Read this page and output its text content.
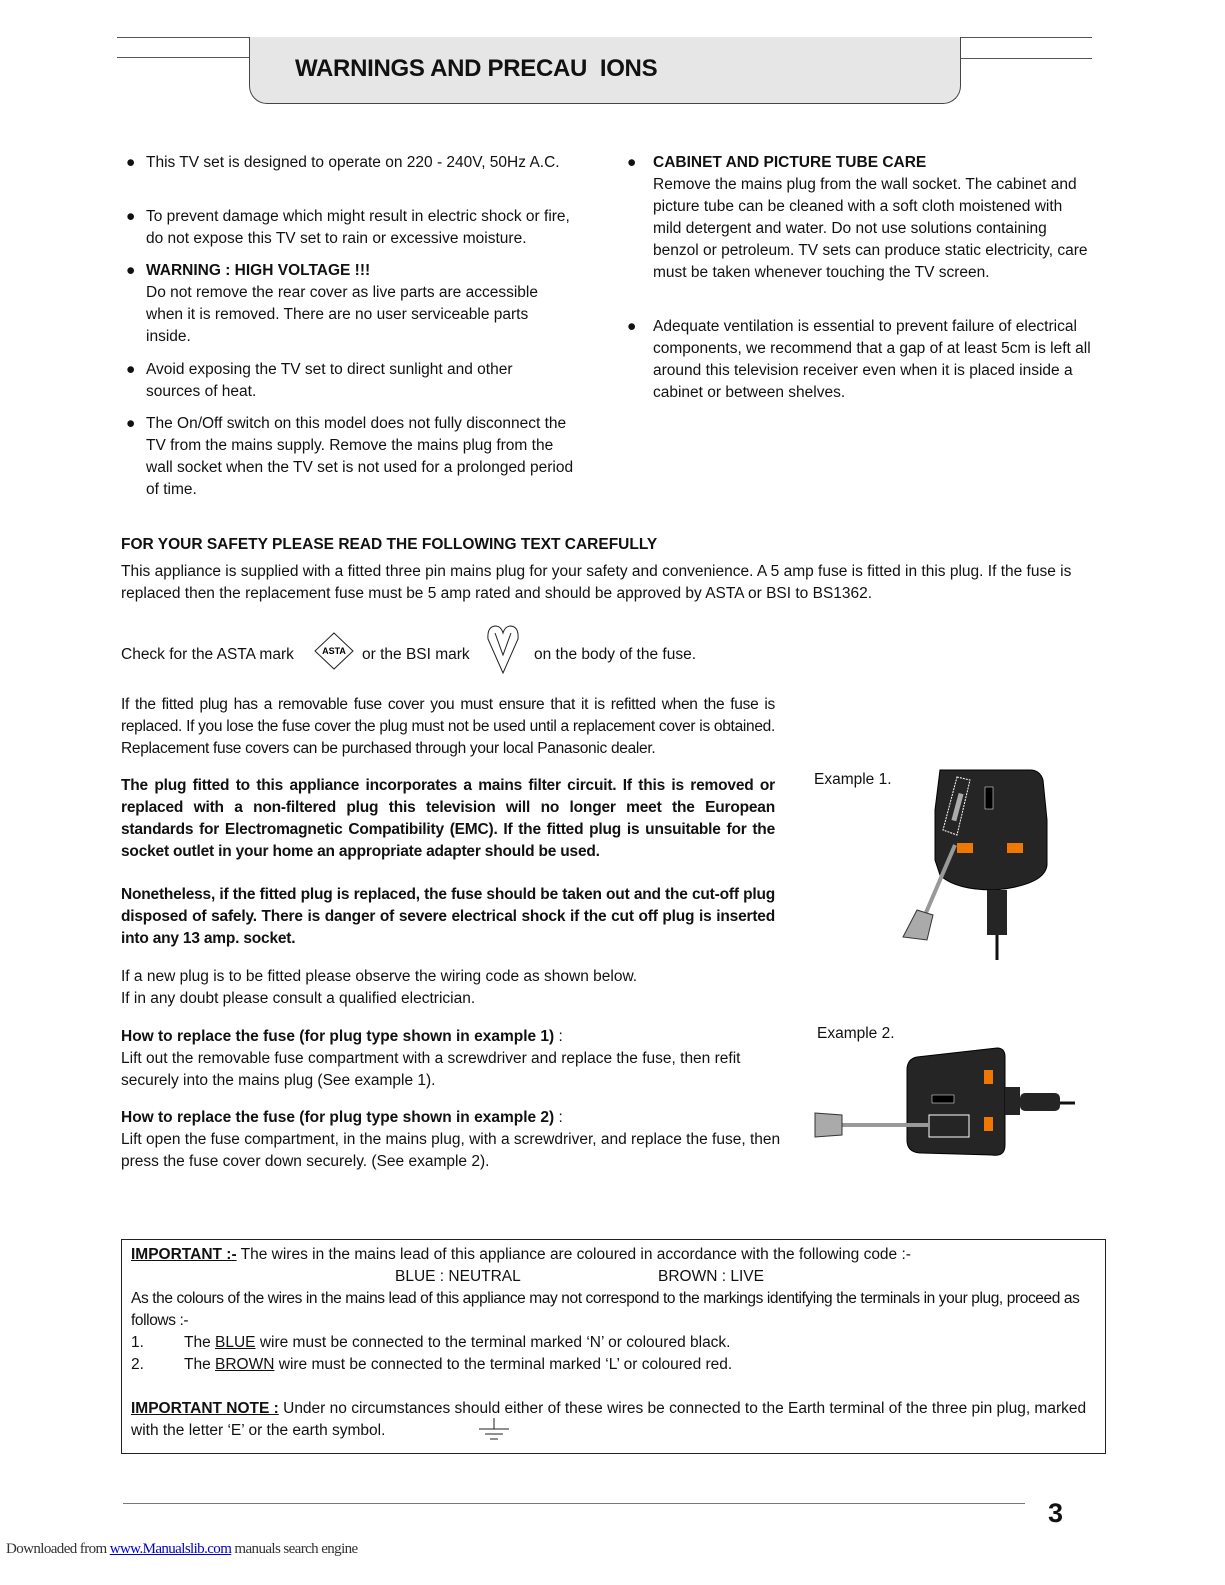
WARNINGS AND PRECAU  IONS
● This TV set is designed to operate on 220 - 240V, 50Hz A.C.
● To prevent damage which might result in electric shock or fire, do not expose this TV set to rain or excessive moisture.
● WARNING : HIGH VOLTAGE !!!
Do not remove the rear cover as live parts are accessible when it is removed. There are no user serviceable parts inside.
● Avoid exposing the TV set to direct sunlight and other sources of heat.
● The On/Off switch on this model does not fully disconnect the TV from the mains supply. Remove the mains plug from the wall socket when the TV set is not used for a prolonged period of time.
● CABINET AND PICTURE TUBE CARE
Remove the mains plug from the wall socket. The cabinet and picture tube can be cleaned with a soft cloth moistened with mild detergent and water. Do not use solutions containing benzol or petroleum. TV sets can produce static electricity, care must be taken whenever touching the TV screen.
● Adequate ventilation is essential to prevent failure of electrical components, we recommend that a gap of at least 5cm is left all around this television receiver even when it is placed inside a cabinet or between shelves.
FOR YOUR SAFETY PLEASE READ THE FOLLOWING TEXT CAREFULLY
This appliance is supplied with a fitted three pin mains plug for your safety and convenience. A 5 amp fuse is fitted in this plug. If the fuse is replaced then the replacement fuse must be 5 amp rated and should be approved by ASTA or BSI to BS1362.
Check for the ASTA mark	ASTA or the BSI mark	on the body of the fuse.
If the fitted plug has a removable fuse cover you must ensure that it is refitted when the fuse is replaced. If you lose the fuse cover the plug must not be used until a replacement cover is obtained. Replacement fuse covers can be purchased through your local Panasonic dealer.
The plug fitted to this appliance incorporates a mains filter circuit. If this is removed or replaced with a non-filtered plug this television will no longer meet the European standards for Electromagnetic Compatibility (EMC). If the fitted plug is unsuitable for the socket outlet in your home an appropriate adapter should be used.
Nonetheless, if the fitted plug is replaced, the fuse should be taken out and the cut-off plug disposed of safely. There is danger of severe electrical shock if the cut off plug is inserted into any 13 amp. socket.
If a new plug is to be fitted please observe the wiring code as shown below.
If in any doubt please consult a qualified electrician.
How to replace the fuse (for plug type shown in example 1) :
Lift out the removable fuse compartment with a screwdriver and replace the fuse, then refit securely into the mains plug (See example 1).
How to replace the fuse (for plug type shown in example 2) :
Lift open the fuse compartment, in the mains plug, with a screwdriver, and replace the fuse, then press the fuse cover down securely. (See example 2).
Example 1.
Example 2.
IMPORTANT :- The wires in the mains lead of this appliance are coloured in accordance with the following code :-
BLUE : NEUTRAL	BROWN : LIVE
As the colours of the wires in the mains lead of this appliance may not correspond to the markings identifying the terminals in your plug, proceed as follows :-
1.	The BLUE wire must be connected to the terminal marked ‘N’ or coloured black.
2.	The BROWN wire must be connected to the terminal marked ‘L’ or coloured red.
IMPORTANT NOTE : Under no circumstances should either of these wires be connected to the Earth terminal of the three pin plug, marked with the letter ‘E’ or the earth symbol.
3
Downloaded from www.Manualslib.com manuals search engine
